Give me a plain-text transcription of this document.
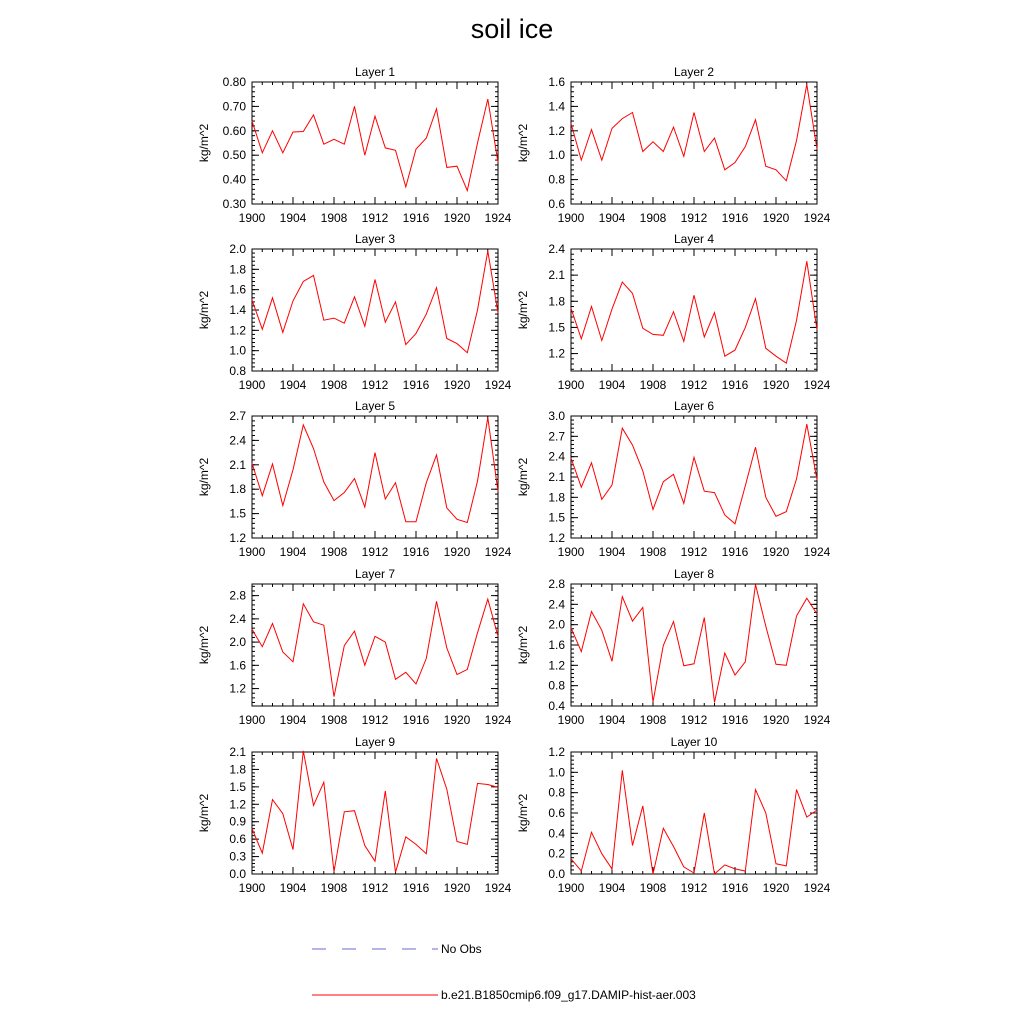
soil ice
Layer 1
kg/m^2
1900 1904 1908 1912 1916 1920 1924
0.30
0.40
0.50
0.60
0.70
0.80
Layer 2
kg/m^2
1900 1904 1908 1912 1916 1920 1924
0.6
0.8
1.0
1.2
1.4
1.6
Layer 3
kg/m^2
1900 1904 1908 1912 1916 1920 1924
0.8
1.0
1.2
1.4
1.6
1.8
2.0
Layer 4
kg/m^2
1900 1904 1908 1912 1916 1920 1924
1.2
1.5
1.8
2.1
2.4
Layer 5
kg/m^2
1900 1904 1908 1912 1916 1920 1924
1.2
1.5
1.8
2.1
2.4
2.7
Layer 6
kg/m^2
1900 1904 1908 1912 1916 1920 1924
1.2
1.5
1.8
2.1
2.4
2.7
3.0
Layer 7
kg/m^2
1900 1904 1908 1912 1916 1920 1924
1.2
1.6
2.0
2.4
2.8
Layer 8
kg/m^2
1900 1904 1908 1912 1916 1920 1924
0.4
0.8
1.2
1.6
2.0
2.4
2.8
Layer 9
kg/m^2
1900 1904 1908 1912 1916 1920 1924
0.0
0.3
0.6
0.9
1.2
1.5
1.8
2.1
Layer 10
kg/m^2
1900 1904 1908 1912 1916 1920 1924
0.0
0.2
0.4
0.6
0.8
1.0
1.2
No Obs
b.e21.B1850cmip6.f09_g17.DAMIP-hist-aer.003
